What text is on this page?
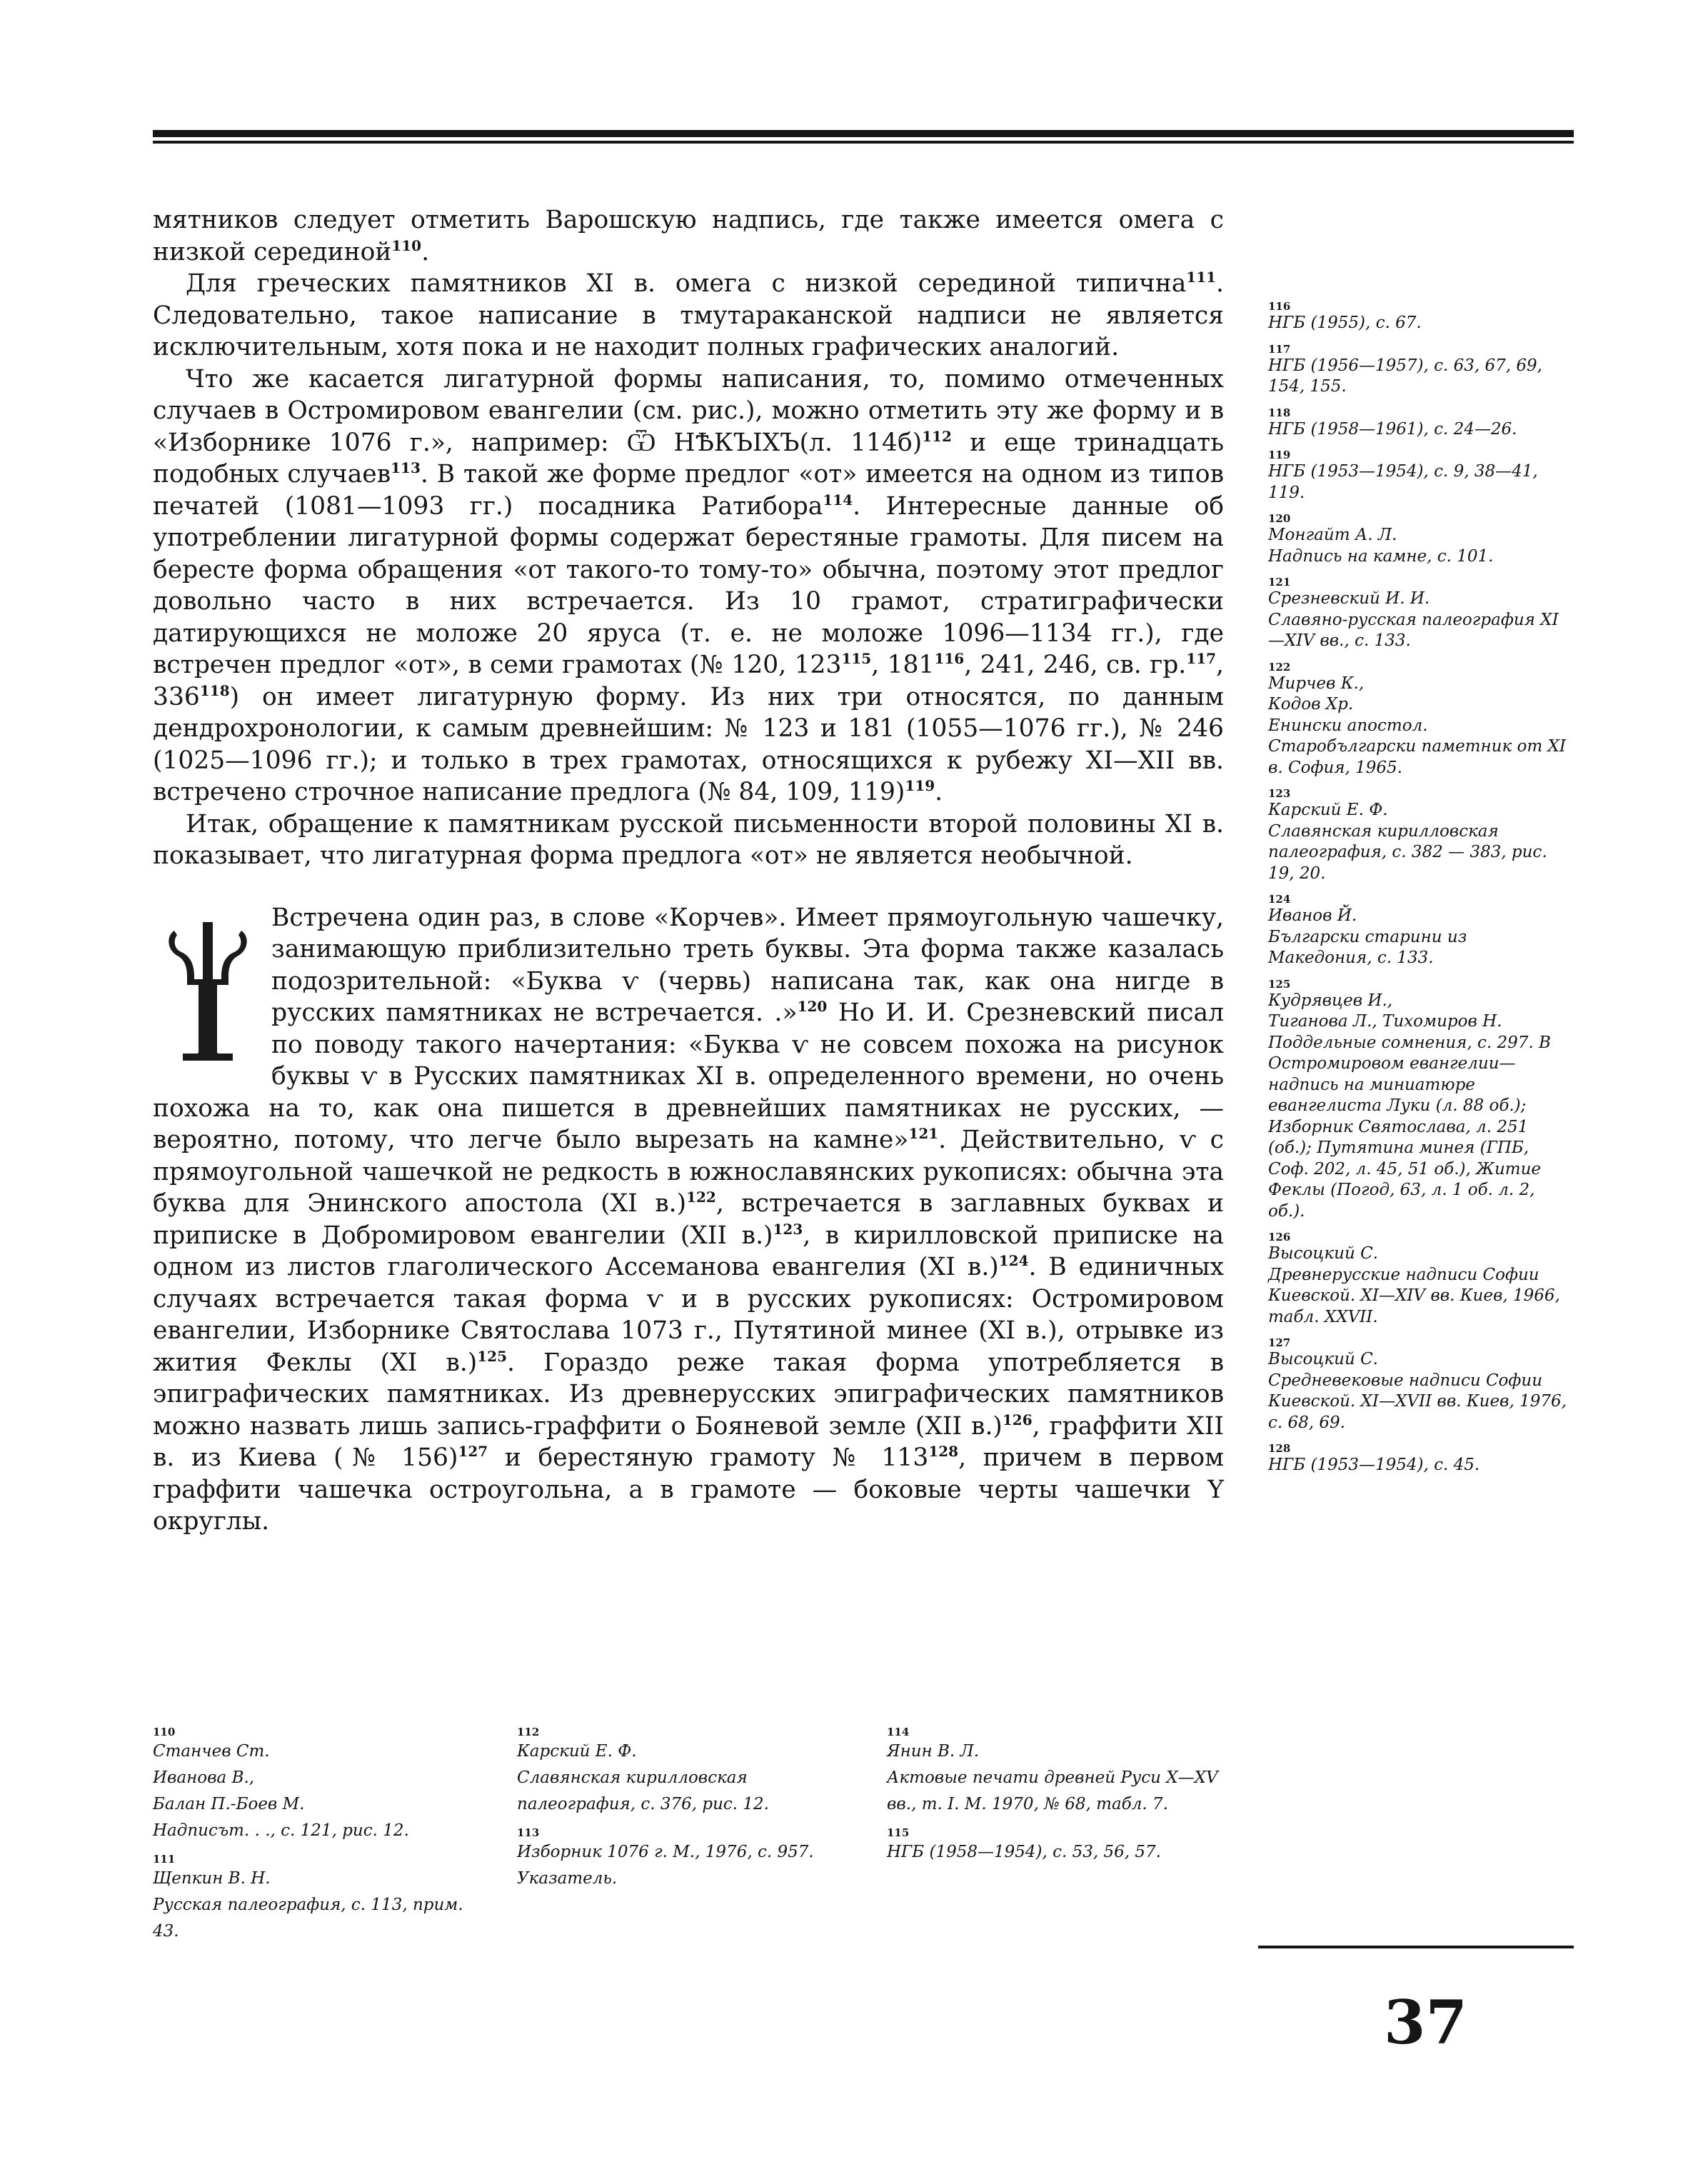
мятников следует отметить Варошскую надпись, где также имеется омега с низкой серединой$^{110}$.

Для греческих памятников XI в. омега с низкой серединой типична$^{111}$. Следовательно, такое написание в тмутараканской надписи не является исключительным, хотя пока и не находит полных графических аналогий.

Что же касается лигатурной формы написания, то, помимо отмеченных случаев в Остромировом евангелии (см. рис.), можно отметить эту же форму и в «Изборнике 1076 г.», например: Ѿ НѢКЪІХЪ(л. 114б)$^{112}$ и еще тринадцать подобных случаев$^{113}$. В такой же форме предлог «от» имеется на одном из типов печатей (1081—1093 гг.) посадника Ратибора$^{114}$. Интересные данные об употреблении лигатурной формы содержат берестяные грамоты. Для писем на бересте форма обращения «от такого-то тому-то» обычна, поэтому этот предлог довольно часто в них встречается. Из 10 грамот, стратиграфически датирующихся не моложе 20 яруса (т. е. не моложе 1096—1134 гг.), где встречен предлог «от», в семи грамотах (№ 120, $123^{115}$, $181^{116}$, 241, 246, св. гр.$^{117}$, $336^{118}$) он имеет лигатурную форму. Из них три относятся, по данным дендрохронологии, к самым древнейшим: № 123 и 181 (1055—1076 гг.), № 246 (1025—1096 гг.); и только в трех грамотах, относящихся к рубежу XI—XII вв. встречено строчное написание предлога (№ 84, 109, 119)$^{119}$.

Итак, обращение к памятникам русской письменности второй половины XI в. показывает, что лигатурная форма предлога «от» не является необычной.

Встречена один раз, в слове «Корчев». Имеет прямоугольную чашечку, занимающую приблизительно треть буквы. Эта форма также казалась подозрительной: «Буква ѵ (червь) написана так, как она нигде в русских памятниках не встречается. .»$^{120}$ Но И. И. Срезневский писал по поводу такого начертания: «Буква ѵ не совсем похожа на рисунок буквы ѵ в Русских памятниках XI в. определенного времени, но очень похожа на то, как она пишется в древнейших памятниках не русских, — вероятно, потому, что легче было вырезать на камне»$^{121}$. Действительно, ѵ с прямоугольной чашечкой не редкость в южнославянских рукописях: обычна эта буква для Энинского апостола (XI в.)$^{122}$, встречается в заглавных буквах и приписке в Добромировом евангелии (XII в.)$^{123}$, в кирилловской приписке на одном из листов глаголического Ассеманова евангелия (XI в.)$^{124}$. В единичных случаях встречается такая форма ѵ и в русских рукописях: Остромировом евангелии, Изборнике Святослава 1073 г., Путятиной минее (XI в.), отрывке из жития Феклы (XI в.)$^{125}$. Гораздо реже такая форма употребляется в эпиграфических памятниках. Из древнерусских эпиграфических памятников можно назвать лишь запись-граффити о Бояневой земле (XII в.)$^{126}$, граффити XII в. из Киева (№ 156)$^{127}$ и берестяную грамоту № $113^{128}$, причем в первом граффити чашечка остроугольна, а в грамоте — боковые черты чашечки Y округлы.

116
НГБ (1955), с. 67.
117
НГБ (1956—1957), с. 63, 67, 69, 154, 155.
118
НГБ (1958—1961), с. 24—26.
119
НГБ (1953—1954), с. 9, 38—41, 119.
120
Монгайт А. Л.
Надпись на камне, с. 101.
121
Срезневский И. И.
Славяно-русская палеография XI—XIV вв., с. 133.
122
Мирчев К.,
Кодов Хр.
Енински апостол. Старобългарски паметник от XI в. София, 1965.
123
Карский Е. Ф.
Славянская кирилловская палеография, с. 382 — 383, рис. 19, 20.
124
Иванов Й.
Български старини из Македония, с. 133.
125
Кудрявцев И.,
Тиганова Л., Тихомиров Н.
Поддельные сомнения, с. 297. В Остромировом евангелии— надпись на миниатюре евангелиста Луки (л. 88 об.); Изборник Святослава, л. 251 (об.); Путятина минея (ГПБ, Соф. 202, л. 45, 51 об.), Житие Феклы (Погод, 63, л. 1 об. л. 2, об.).
126
Высоцкий С.
Древнерусские надписи Софии Киевской. XI—XIV вв. Киев, 1966, табл. XXVII.
127
Высоцкий С.
Средневековые надписи Софии Киевской. XI—XVII вв. Киев, 1976, с. 68, 69.
128
НГБ (1953—1954), с. 45.
110
Станчев Ст.
Иванова В.,
Балан П.-Боев М.
Надписът. . ., с. 121, рис. 12.
111
Щепкин В. Н.
Русская палеография, с. 113, прим. 43.
112
Карский Е. Ф.
Славянская кирилловская палеография, с. 376, рис. 12.
113
Изборник 1076 г. М., 1976, с. 957. Указатель.
114
Янин В. Л.
Актовые печати древней Руси X—XV вв., т. I. М. 1970, № 68, табл. 7.
115
НГБ (1958—1954), с. 53, 56, 57.
37
